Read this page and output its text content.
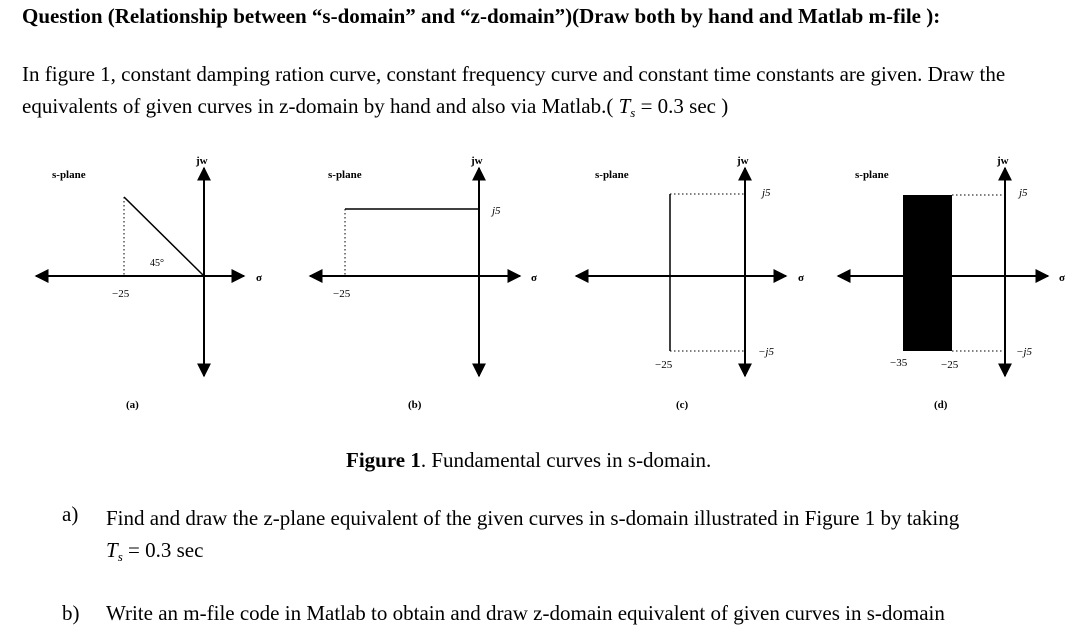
Question (Relationship between “s-domain” and “z-domain”)(Draw both by hand and Matlab m-file ):
In figure 1, constant damping ration curve, constant frequency curve and constant time constants are given. Draw the equivalents of given curves in z-domain by hand and also via Matlab.( $T_s = 0.3$ sec )
s-plane
jw
σ
45°
−25
(a)
s-plane
jw
σ
j5
−25
(b)
s-plane
jw
σ
j5
−j5
−25
(c)
s-plane
jw
σ
j5
−j5
−35	−25
(d)
Figure 1. Fundamental curves in s-domain.
a) Find and draw the z-plane equivalent of the given curves in s-domain illustrated in Figure 1 by taking
$T_s = 0.3$ sec
b) Write an m-file code in Matlab to obtain and draw z-domain equivalent of given curves in s-domain
